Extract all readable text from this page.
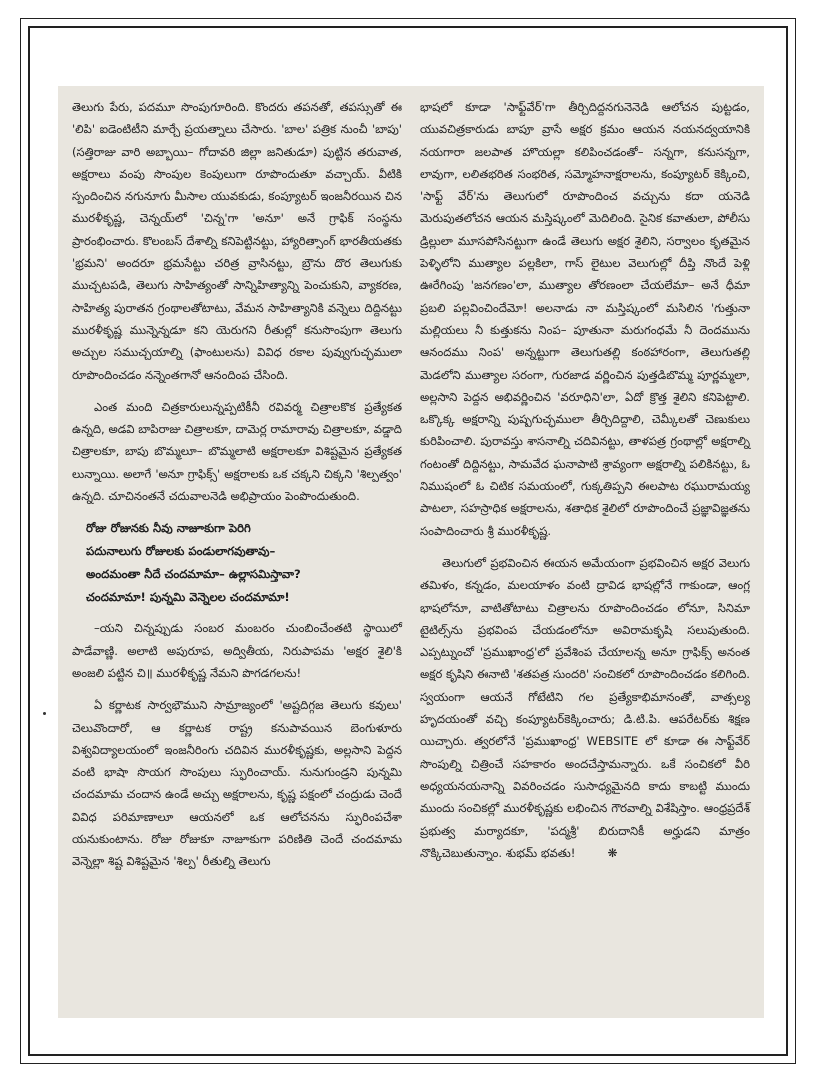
తెలుగు పేరు, పదమూ సొంపుగూరింది. కొందరు తపనతో, తపస్సుతో ఈ 'లిపి' ఐడెంటిటీని మార్చే ప్రయత్నాలు చేసారు. 'బాల' పత్రిక నుంచీ 'బాపు' (సత్తిరాజు వారి అబ్బాయి– గోదావరి జిల్లా జనితుడూ) పుట్టిన తరువాత, అక్షరాలు వంపు సొంపుల కెంపులుగా రూపొందుతూ వచ్చాయ్. వీటికి స్పందించిన నగునూగు మీసాల యువకుడు, కంప్యూటర్ ఇంజనీరయిన చిన మురళీకృష్ణ, చెన్నయ్‌లో 'చిన్న'గా 'అనూ' అనే గ్రాఫిక్ సంస్థను ప్రారంభించారు. కొలంబస్ దేశాల్ని కనిపెట్టినట్టు, హ్యారిత్సాంగ్ భారతీయతకు 'భ్రమని' అందరూ భ్రమసేట్టు చరిత్ర వ్రాసినట్టు, బ్రౌను దొర తెలుగుకు ముచ్చటపడి, తెలుగు సాహిత్యంతో సాన్నిహిత్యాన్ని పెంచుకుని, వ్యాకరణ, సాహిత్య పురాతన గ్రంథాలతోటాటు, వేమన సాహిత్యానికి వన్నెలు దిద్దినట్టు మురళీకృష్ణ మున్నెన్నడూ కని యెరుగని రీతుల్లో కనుసొంపుగా తెలుగు అచ్చుల సముచ్చయాల్ని (ఫాంటులను) వివిధ రకాల పువ్వుగుచ్ఛములా రూపొందించడం నన్నెంతగానో ఆనందింప చేసింది.

ఎంత మంది చిత్రకారులున్నప్పటికీనీ రవివర్మ చిత్రాలకొక ప్రత్యేకత ఉన్నది, అడవి బాపిరాజు చిత్రాలకూ, దామెర్ల రామారావు చిత్రాలకూ, వడ్డాది చిత్రాలకూ, బాపు బొమ్మలూ– బొమ్మలాటి అక్షరాలకూ విశిష్టమైన ప్రత్యేకత లున్నాయి. అలాగే 'అనూ గ్రాఫిక్స్' అక్షరాలకు ఒక చక్కని చిక్కని 'శిల్పత్వం' ఉన్నది. చూచినంతనే చదువాలనెడి అభిప్రాయం పెంపొందుతుంది.

రోజు రోజునకు నీవు నాజూకుగా పెరిగి
పదునాలుగు రోజులకు పండులాగవుతావు–
అందమంతా నీదే చందమామా– ఉల్లాసమిస్తావా?
చందమామా! పున్నమి వెన్నెలల చందమామా!

–యని చిన్నప్పుడు సంబర మంబరం చుంబించేంతటి స్థాయిలో పాడేవాణ్ణి. అలాటి అపురూప, అద్వితీయ, నిరుపాపమ 'అక్షర శైలి'కి అంజలి పట్టిన చి॥ మురళీకృష్ణ నేమని పొగడగలను!

ఏ కర్ణాటక సార్వభౌముని సామ్రాజ్యంలో 'అష్టదిగ్గజ తెలుగు కవులు' చెలువొందారో, ఆ కర్ణాటక రాష్ట్ర కనుపావయిన బెంగుళూరు విశ్వవిద్యాలయంలో ఇంజనీరింగు చదివిన మురళీకృష్ణకు, అల్లసాని పెద్దన వంటి భాషా సొయగ సొంపులు స్ఫురించాయ్. నునుగుండ్రని పున్నమి చందమామ చందాన ఉండే అచ్చు అక్షరాలను, కృష్ణ పక్షంలో చంద్రుడు చెందే వివిధ పరిమాణాలూ ఆయనలో ఒక ఆలోచనను స్ఫురింపచేశా యనుకుంటాను. రోజు రోజుకూ నాజూకుగా పరిణితి చెందే చందమామ వెన్నెల్లా శిష్ట విశిష్టమైన 'శిల్ప' రీతుల్ని తెలుగు

భాషలో కూడా 'సాఫ్ట్‌వేర్'గా తీర్చిదిద్దనగునెనెడి ఆలోచన పుట్టడం, యువచిత్రకారుడు బాపూ వ్రాసే అక్షర క్రమం ఆయన నయనద్వయానికి నయగారా జలపాత హొయల్లా కలిపించడంతో– సన్నగా, కనుసన్నగా, లావుగా, లలితభరిత సంభరిత, సమ్మోహనాక్షరాలను, కంప్యూటర్ కెక్కించి, 'సాఫ్ట్ వేర్'ను తెలుగులో రూపొందించ వచ్చును కదా యనెడి మెరుపుతలోచన ఆయన మస్తిష్కంలో మెదిలింది. సైనిక కవాతులా, పోలీసు డ్రిల్లులా మూసపోసినట్టుగా ఉండే తెలుగు అక్షర శైలిని, సర్వాలం కృతమైన పెళ్ళిలోని ముత్యాల పల్లకిలా, గాస్ లైటుల వెలుగుల్లో దీప్తి నొందే పెళ్లి ఊరేగింపు 'జనగణం'లా, ముత్యాల తోరణంలా చేయలేమా– అనే ధీమా ప్రబలి పల్లవించిందేమో! అలనాడు నా మస్తిష్కంలో మసిలిన 'గుత్తునా మల్లియలు నీ కుత్తుకను నింప– పూతునా మరుగంధమే నీ దెందమును ఆనందము నింప' అన్నట్టుగా తెలుగుతల్లి కంఠహారంగా, తెలుగుతల్లి మెడలోని ముత్యాల సరంగా, గురజాడ వర్ణించిన పుత్తడిబొమ్మ పూర్ణమ్మలా, అల్లసాని పెద్దన అభివర్ణించిన 'వరూధిని'లా, ఏదో క్రొత్త శైలిని కనిపెట్టాలి. ఒక్కొక్క అక్షరాన్ని పుష్పగుచ్ఛములా తీర్చిదిద్దాలి, చెమ్కీలతో చెణుకులు కురిపించాలి. పురావస్తు శాసనాల్ని చదివినట్టు, తాళపత్ర గ్రంథాల్లో అక్షరాల్ని గంటంతో దిద్దినట్టు, సామవేద ఘనాపాటి శ్రావ్యంగా అక్షరాల్ని పలికినట్టు, ఓ నిముషంలో ఓ చిటిక సమయంలో, గుక్కతిప్పని ఈలపాట రఘురామయ్య పాటలా, సహస్రాధిక అక్షరాలను, శతాధిక శైలిలో రూపొందించే ప్రజ్ఞావిజ్ఞతను సంపాదించారు శ్రీ మురళీకృష్ణ.

తెలుగులో ప్రభవించిన ఈయన అమేయంగా ప్రభవించిన అక్షర వెలుగు తమిళం, కన్నడం, మలయాళం వంటి ద్రావిడ భాషల్లోనే గాకుండా, ఆంగ్ల భాషలోనూ, వాటితోటాటు చిత్రాలను రూపొందించడం లోనూ, సినిమా టైటిల్స్‌ను ప్రభవింప చేయడంలోనూ అవిరామకృషి సలుపుతుంది. ఎప్పట్నుంచో 'ప్రముఖాంధ్ర'లో ప్రవేశింప చేయాలన్న అనూ గ్రాఫిక్స్ అనంత అక్షర కృషిని ఈనాటి 'శతపత్ర సుందరి' సంచికలో రూపొందించడం కలిగింది. స్వయంగా ఆయనే గోటేటిని గల ప్రత్యేకాభిమానంతో, వాత్సల్య హృదయంతో వచ్చి కంప్యూటర్‌కెక్కించారు; డి.టి.పి. ఆపరేటర్‌కు శిక్షణ యిచ్చారు. త్వరలోనే 'ప్రముఖాంధ్ర' WEBSITE లో కూడా ఈ సాఫ్ట్‌వేర్ సొంపుల్ని చిత్రించే సహకారం అందచేస్తామన్నారు. ఒకే సంచికలో వీరి అధ్యయనయనాన్ని వివరించడం సుసాధ్యమైనది కాదు కాబట్టి ముందు ముందు సంచికల్లో మురళీకృష్ణకు లభించిన గౌరవాల్ని విశేషిస్తాం. ఆంధ్రప్రదేశ్ ప్రభుత్వ మర్యాదకూ, 'పద్మశ్రీ' బిరుదానికీ అర్హుడని మాత్రం నొక్కిచెబుతున్నాం. శుభమ్ భవతు!	❋
